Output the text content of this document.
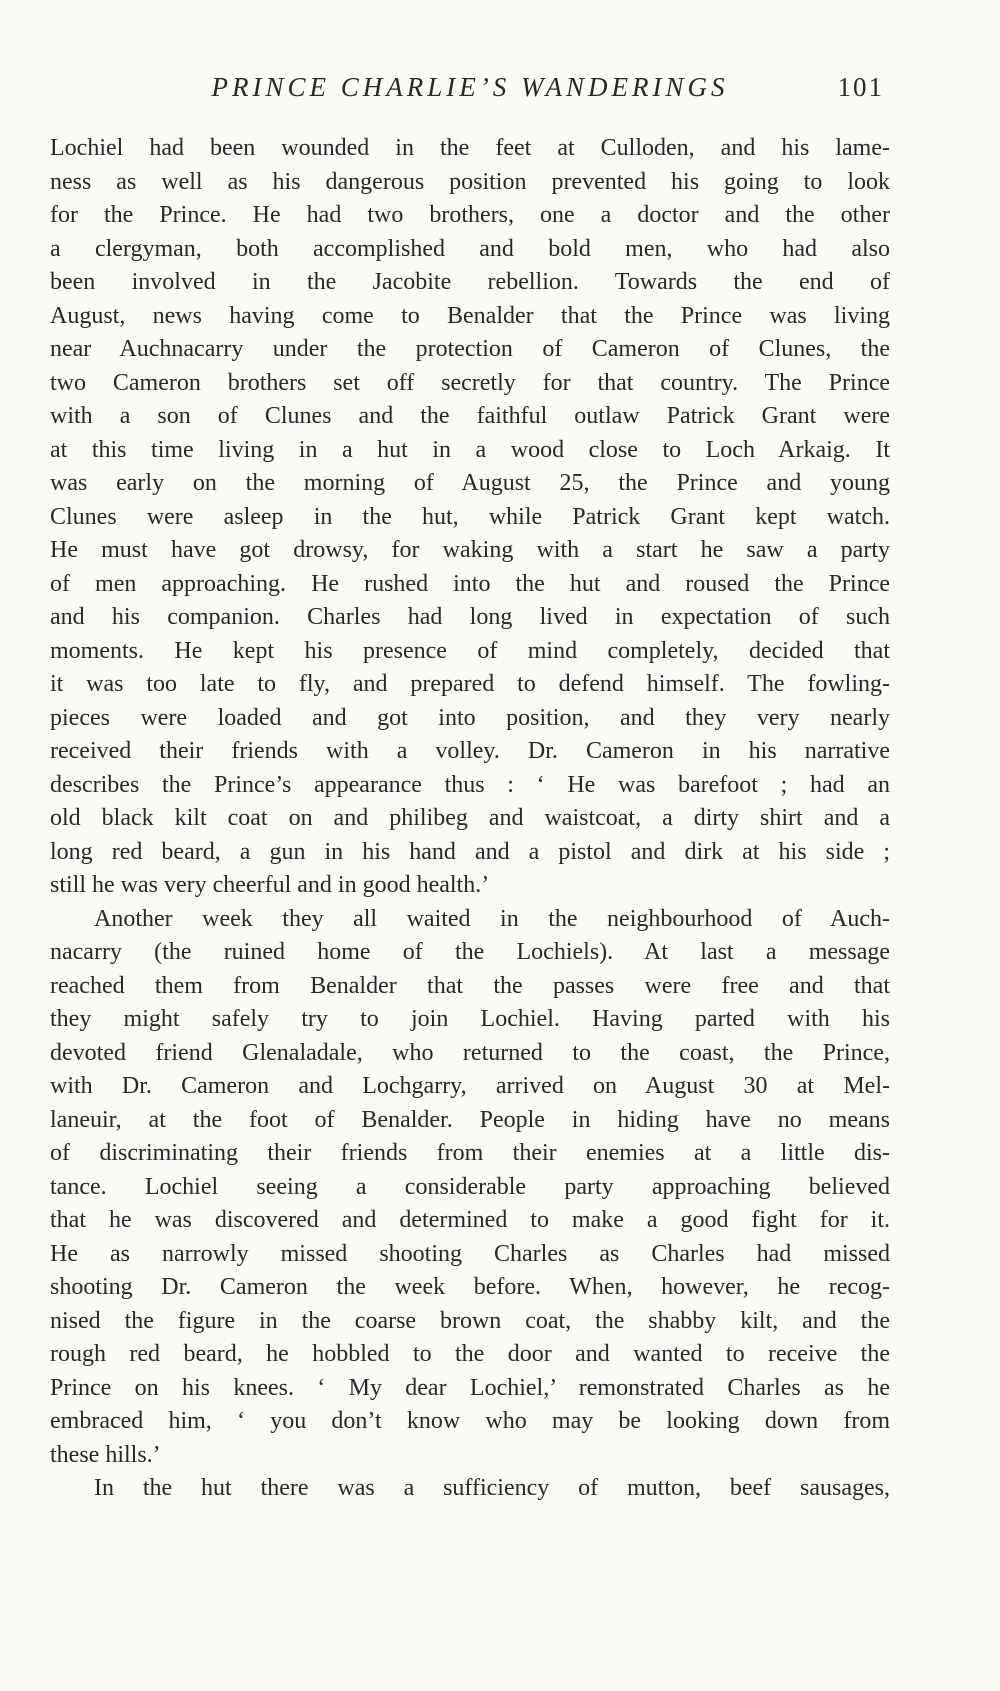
PRINCE CHARLIE’S WANDERINGS	101
Lochiel had been wounded in the feet at Culloden, and his lame-
ness as well as his dangerous position prevented his going to look
for the Prince. He had two brothers, one a doctor and the other
a clergyman, both accomplished and bold men, who had also
been involved in the Jacobite rebellion. Towards the end of
August, news having come to Benalder that the Prince was living
near Auchnacarry under the protection of Cameron of Clunes, the
two Cameron brothers set off secretly for that country. The Prince
with a son of Clunes and the faithful outlaw Patrick Grant were
at this time living in a hut in a wood close to Loch Arkaig. It
was early on the morning of August 25, the Prince and young
Clunes were asleep in the hut, while Patrick Grant kept watch.
He must have got drowsy, for waking with a start he saw a party
of men approaching. He rushed into the hut and roused the Prince
and his companion. Charles had long lived in expectation of such
moments. He kept his presence of mind completely, decided that
it was too late to fly, and prepared to defend himself. The fowling-
pieces were loaded and got into position, and they very nearly
received their friends with a volley. Dr. Cameron in his narrative
describes the Prince’s appearance thus : ‘ He was barefoot ; had an
old black kilt coat on and philibeg and waistcoat, a dirty shirt and a
long red beard, a gun in his hand and a pistol and dirk at his side ;
still he was very cheerful and in good health.’
Another week they all waited in the neighbourhood of Auch-
nacarry (the ruined home of the Lochiels). At last a message
reached them from Benalder that the passes were free and that
they might safely try to join Lochiel. Having parted with his
devoted friend Glenaladale, who returned to the coast, the Prince,
with Dr. Cameron and Lochgarry, arrived on August 30 at Mel-
laneuir, at the foot of Benalder. People in hiding have no means
of discriminating their friends from their enemies at a little dis-
tance. Lochiel seeing a considerable party approaching believed
that he was discovered and determined to make a good fight for it.
He as narrowly missed shooting Charles as Charles had missed
shooting Dr. Cameron the week before. When, however, he recog-
nised the figure in the coarse brown coat, the shabby kilt, and the
rough red beard, he hobbled to the door and wanted to receive the
Prince on his knees. ‘ My dear Lochiel,’ remonstrated Charles as he
embraced him, ‘ you don’t know who may be looking down from
these hills.’
In the hut there was a sufficiency of mutton, beef sausages,
